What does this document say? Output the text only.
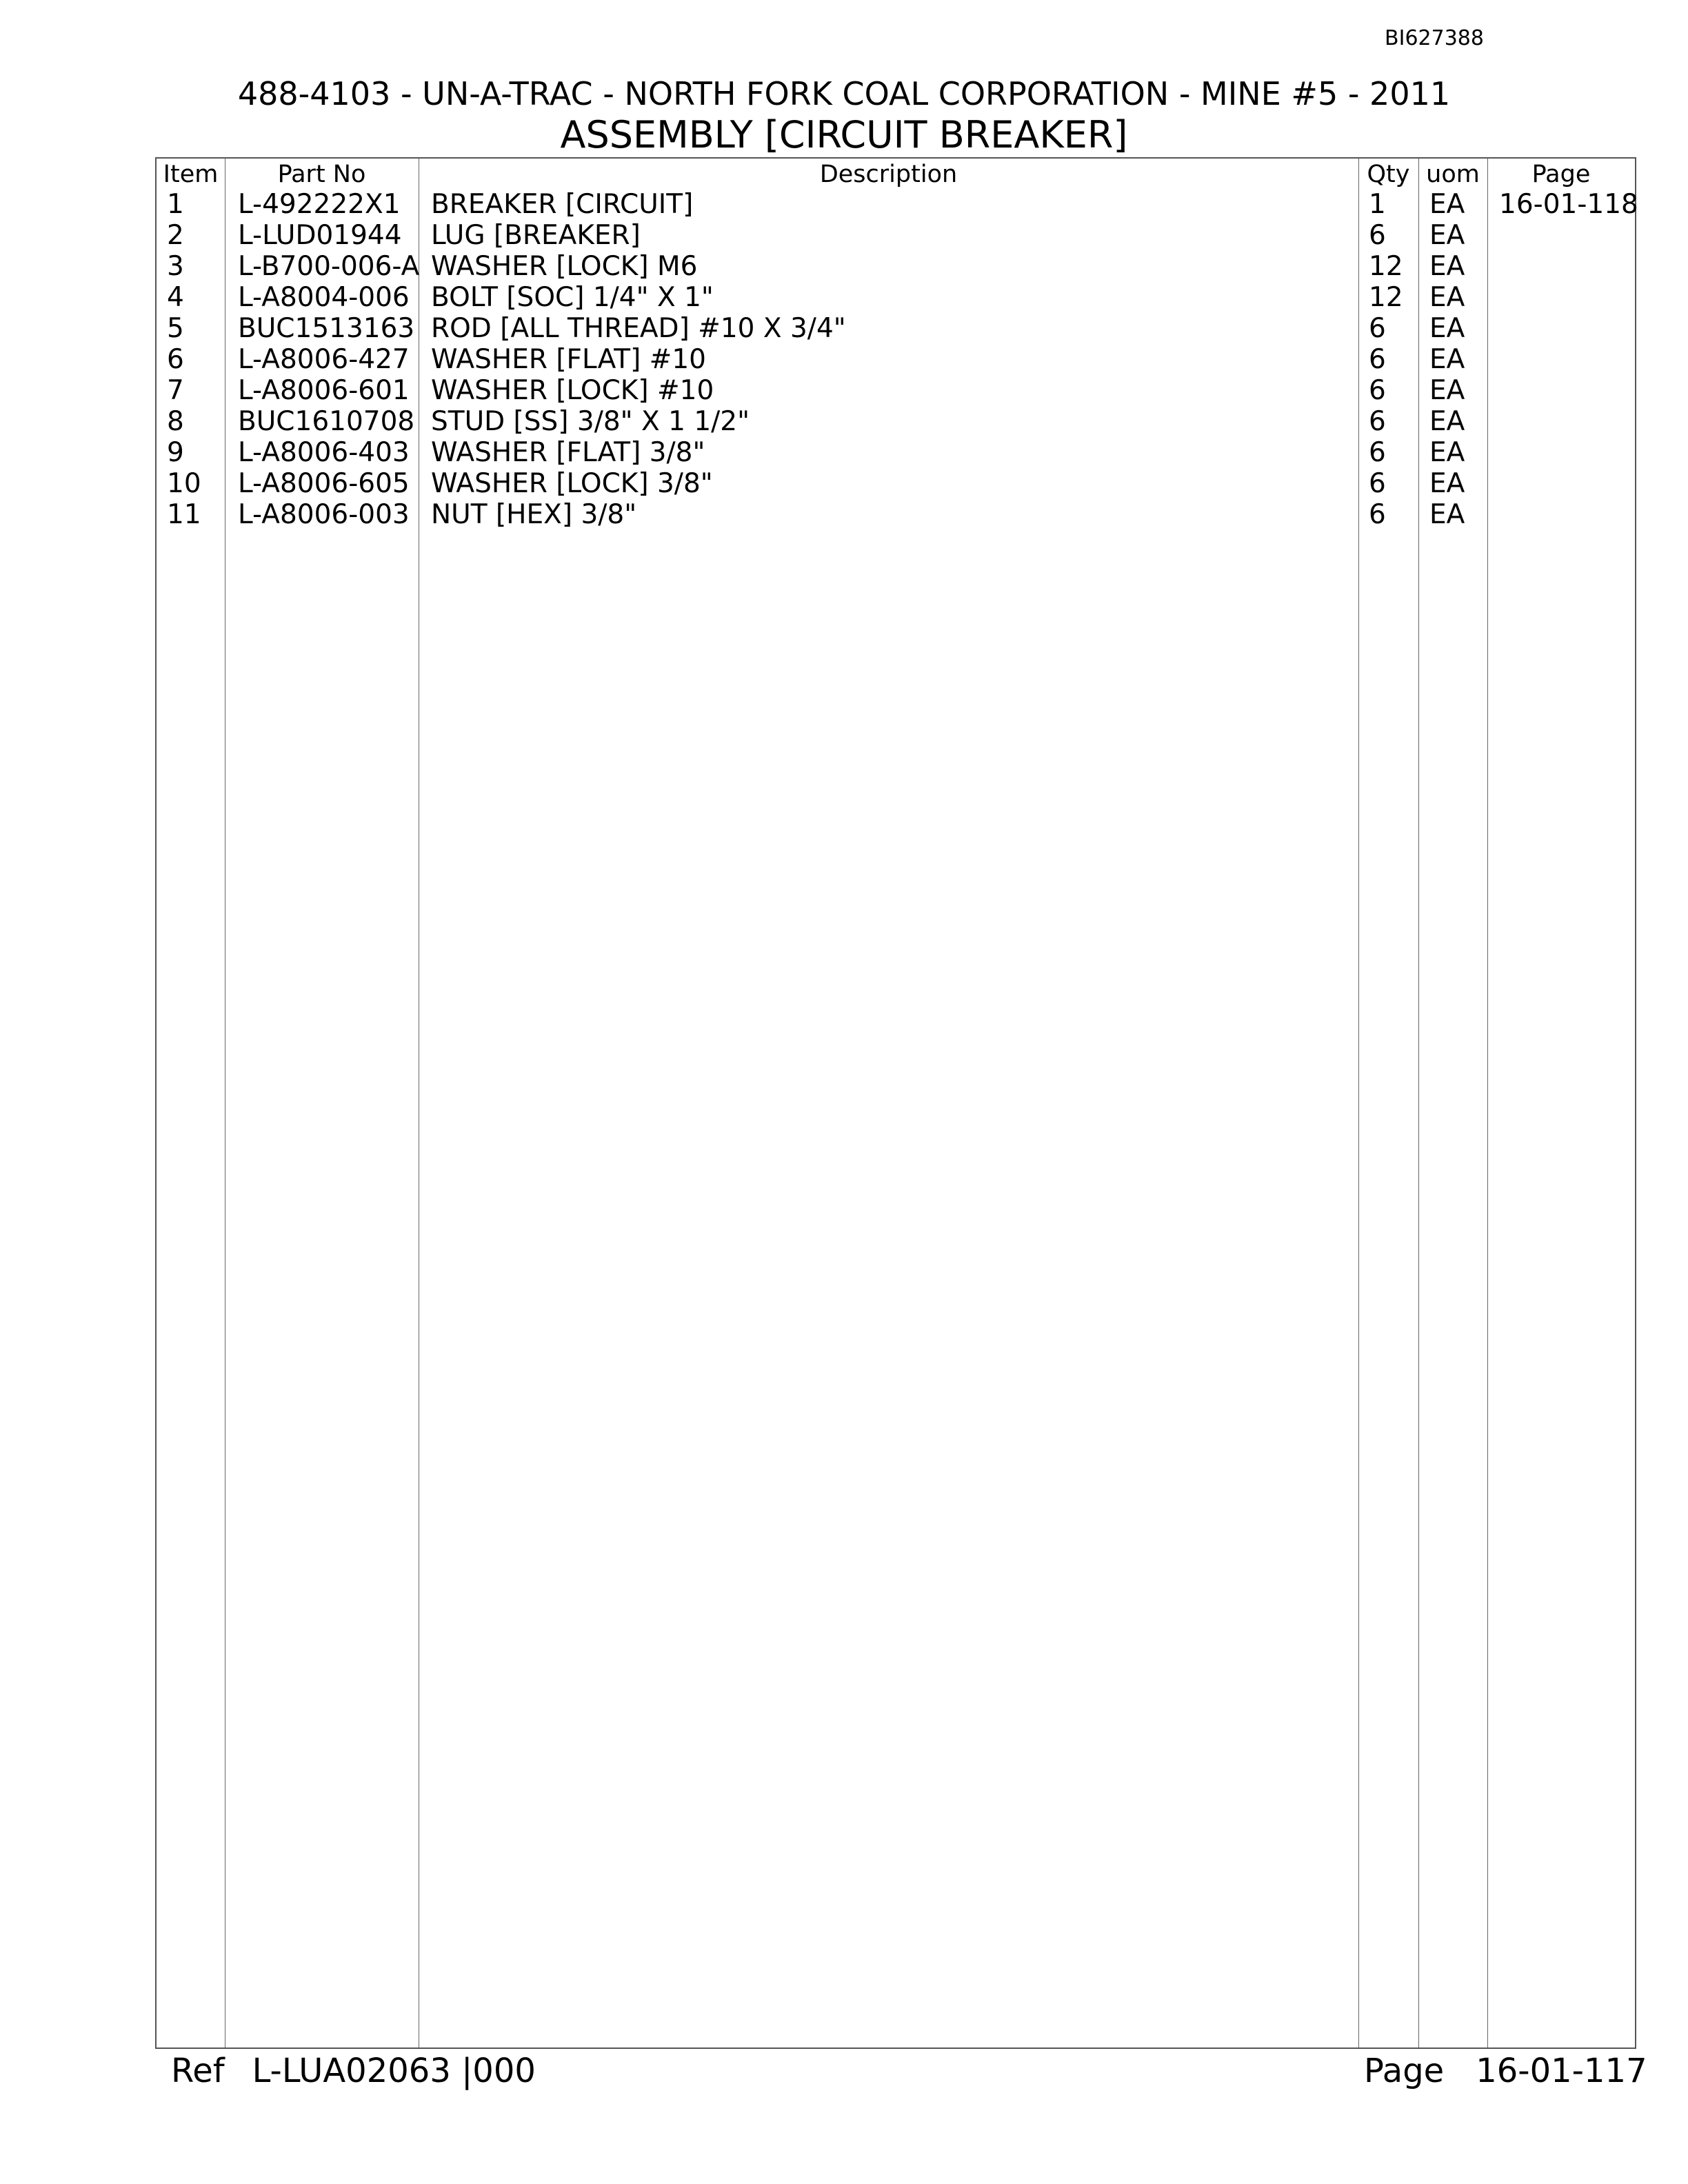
BI627388
488-4103 - UN-A-TRAC - NORTH FORK COAL CORPORATION - MINE #5 - 2011
ASSEMBLY [CIRCUIT BREAKER]
Item	Part No	Description	Qty uom	Page
1 L-492222X1 BREAKER [CIRCUIT]	1 EA 16-01-118
2 L-LUD01944 LUG [BREAKER]	6 EA
3 L-B700-006-A WASHER [LOCK] M6	12 EA
4 L-A8004-006 BOLT [SOC] 1/4" X 1"	12 EA
5 BUC1513163 ROD [ALL THREAD] #10 X 3/4"	6 EA
6 L-A8006-427 WASHER [FLAT] #10	6 EA
7 L-A8006-601 WASHER [LOCK] #10	6 EA
8 BUC1610708 STUD [SS] 3/8" X 1 1/2"	6 EA
9 L-A8006-403 WASHER [FLAT] 3/8"	6 EA
10 L-A8006-605 WASHER [LOCK] 3/8"	6 EA
11 L-A8006-003 NUT [HEX] 3/8"	6 EA
Ref L-LUA02063 |000	Page 16-01-117
